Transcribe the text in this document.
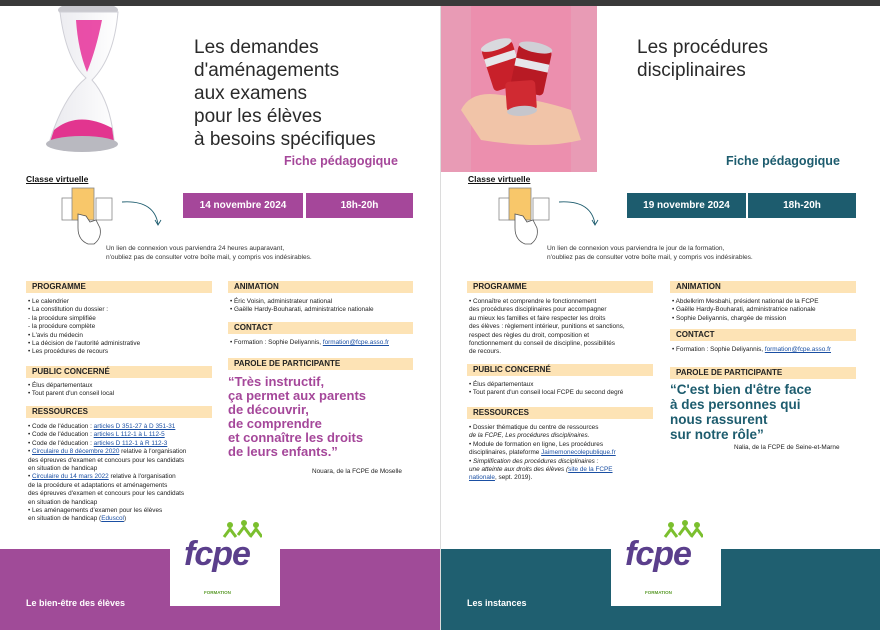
Les demandes
d'aménagements
aux examens
pour les élèves
à besoins spécifiques
Fiche pédagogique
Classe virtuelle
14 novembre 2024	18h-20h
Un lien de connexion vous parviendra 24 heures auparavant,
n'oubliez pas de consulter votre boîte mail, y compris vos indésirables.
PROGRAMME
• Le calendrier
• La constitution du dossier :
- la procédure simplifiée
- la procédure complète
• L'avis du médecin
• La décision de l'autorité administrative
• Les procédures de recours
PUBLIC CONCERNÉ
• Élus départementaux
• Tout parent d'un conseil local
RESSOURCES
• Code de l'éducation : articles D 351-27 à D 351-31
• Code de l'éducation : articles L 112-1 à L 112-5
• Code de l'éducation : articles D 112-1 à R 112-3
• Circulaire du 8 décembre 2020 relative à l'organisation
des épreuves d'examen et concours pour les candidats
en situation de handicap
• Circulaire du 14 mars 2022 relative à l'organisation
de la procédure et adaptations et aménagements
des épreuves d'examen et concours pour les candidats
en situation de handicap
• Les aménagements d'examen pour les élèves
en situation de handicap (Eduscol)
ANIMATION
• Éric Voisin, administrateur national
• Gaëlle Hardy-Bouharati, administratrice nationale
CONTACT
• Formation : Sophie Deliyannis, formation@fcpe.asso.fr
PAROLE DE PARTICIPANTE
“Très instructif,
ça permet aux parents
de découvrir,
de comprendre
et connaître les droits
de leurs enfants.”
Nouara, de la FCPE de Moselle
Le bien-être des élèves
fcpe
FORMATION
Les procédures
disciplinaires
Fiche pédagogique
Classe virtuelle
19 novembre 2024	18h-20h
Un lien de connexion vous parviendra le jour de la formation,
n'oubliez pas de consulter votre boîte mail, y compris vos indésirables.
PROGRAMME
• Connaître et comprendre le fonctionnement
des procédures disciplinaires pour accompagner
au mieux les familles et faire respecter les droits
des élèves : règlement intérieur, punitions et sanctions,
respect des règles du droit, composition et
fonctionnement du conseil de discipline, possibilités
de recours.
PUBLIC CONCERNÉ
• Élus départementaux
• Tout parent d'un conseil local FCPE du second degré
RESSOURCES
• Dossier thématique du centre de ressources
de la FCPE, Les procédures disciplinaires.
• Module de formation en ligne, Les procédures
disciplinaires, plateforme Jaimemonecolepublique.fr
• Simplification des procédures disciplinaires :
une atteinte aux droits des élèves (site de la FCPE
nationale, sept. 2019).
ANIMATION
• Abdelkrim Mesbahi, président national de la FCPE
• Gaëlle Hardy-Bouharati, administratrice nationale
• Sophie Deliyannis, chargée de mission
CONTACT
• Formation : Sophie Deliyannis, formation@fcpe.asso.fr
PAROLE DE PARTICIPANTE
“C'est bien d'être face
à des personnes qui
nous rassurent
sur notre rôle”
Nalia, de la FCPE de Seine-et-Marne
Les instances
fcpe
FORMATION
